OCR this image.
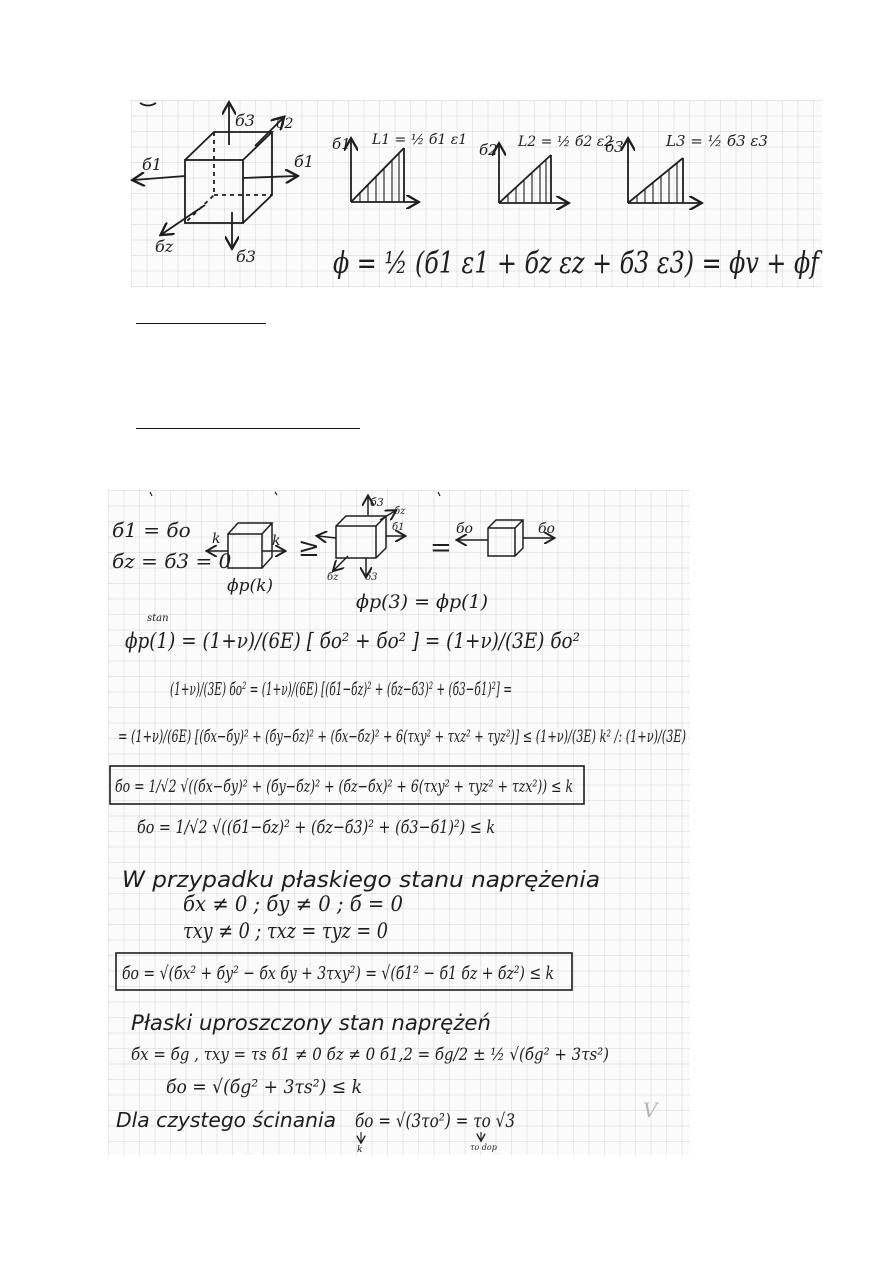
б3 б2
б1	б1
бz
б3
б1 L1 = ½ б1 ε1
б2 L2 = ½ б2 ε2
б3	L3 = ½ б3 ε3
ϕ = ½ (б1 ε1 + бz εz + б3 ε3) = ϕv + ϕf
б3
бz
б1
бz	б3
бo	бo
k	k ≥	=
б1 = бo
бz = б3 = 0
ϕp(k)
ϕp(3) = ϕp(1)
stan
ϕp(1) = (1+ν)/(6E) [ бo² + бo² ] = (1+ν)/(3E) бo²
(1+ν)/(3E) бo² = (1+ν)/(6E) [(б1−бz)² + (бz−б3)² + (б3−б1)²] =
= (1+ν)/(6E) [(бx−бy)² + (бy−бz)² + (бx−бz)² + 6(τxy² + τxz² + τyz²)] ≤ (1+ν)/(3E) k² /: (1+ν)/(3E)
бo = 1/√2 √((бx−бy)² + (бy−бz)² + (бz−бx)² + 6(τxy² + τyz² + τzx²)) ≤ k
бo = 1/√2 √((б1−бz)² + (бz−б3)² + (б3−б1)²) ≤ k
W przypadku płaskiego stanu naprężenia
бx ≠ 0 ; бy ≠ 0 ; б = 0
τxy ≠ 0 ; τxz = τyz = 0
бo = √(бx² + бy² − бx бy + 3τxy²) = √(б1² − б1 бz + бz²) ≤ k
Płaski uproszczony stan naprężeń
бx = бg , τxy = τs б1 ≠ 0 бz ≠ 0 б1,2 = бg/2 ± ½ √(бg² + 3τs²)
бo = √(бg² + 3τs²) ≤ k
Dla czystego ścinania бo = √(3τo²) = τo √3
k	τo dop
V
